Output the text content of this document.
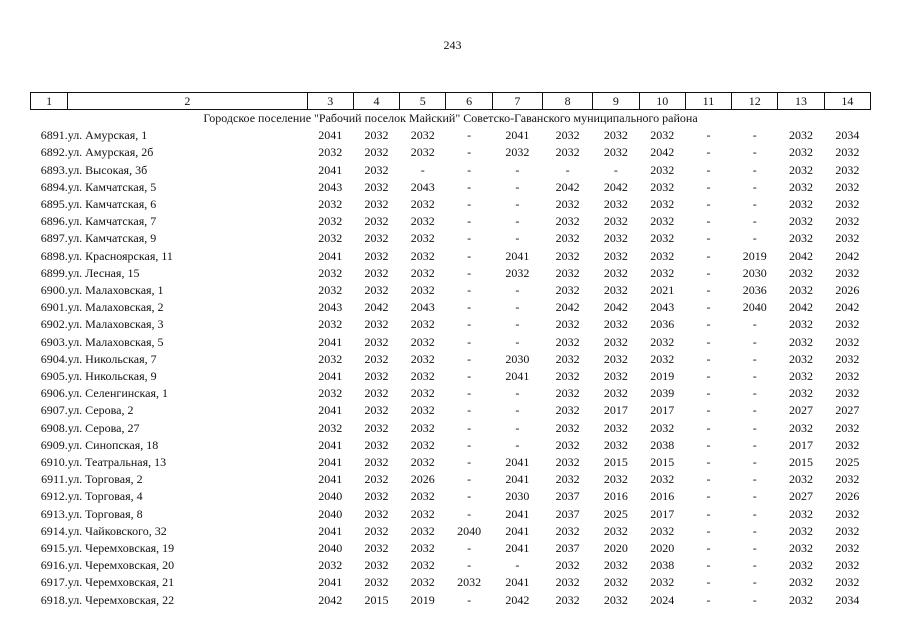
243
1	2	3	4	5	6	7	8	9	10	11	12	13	14
Городское поселение "Рабочий поселок Майский" Советско-Гаванского муниципального района													
6891.	ул. Амурская, 1	2041	2032	2032	-	2041	2032	2032	2032	-	-	2032	2034
6892.	ул. Амурская, 2б	2032	2032	2032	-	2032	2032	2032	2042	-	-	2032	2032
6893.	ул. Высокая, 3б	2041	2032	-	-	-	-	-	2032	-	-	2032	2032
6894.	ул. Камчатская, 5	2043	2032	2043	-	-	2042	2042	2032	-	-	2032	2032
6895.	ул. Камчатская, 6	2032	2032	2032	-	-	2032	2032	2032	-	-	2032	2032
6896.	ул. Камчатская, 7	2032	2032	2032	-	-	2032	2032	2032	-	-	2032	2032
6897.	ул. Камчатская, 9	2032	2032	2032	-	-	2032	2032	2032	-	-	2032	2032
6898.	ул. Красноярская, 11	2041	2032	2032	-	2041	2032	2032	2032	-	2019	2042	2042
6899.	ул. Лесная, 15	2032	2032	2032	-	2032	2032	2032	2032	-	2030	2032	2032
6900.	ул. Малаховская, 1	2032	2032	2032	-	-	2032	2032	2021	-	2036	2032	2026
6901.	ул. Малаховская, 2	2043	2042	2043	-	-	2042	2042	2043	-	2040	2042	2042
6902.	ул. Малаховская, 3	2032	2032	2032	-	-	2032	2032	2036	-	-	2032	2032
6903.	ул. Малаховская, 5	2041	2032	2032	-	-	2032	2032	2032	-	-	2032	2032
6904.	ул. Никольская, 7	2032	2032	2032	-	2030	2032	2032	2032	-	-	2032	2032
6905.	ул. Никольская, 9	2041	2032	2032	-	2041	2032	2032	2019	-	-	2032	2032
6906.	ул. Селенгинская, 1	2032	2032	2032	-	-	2032	2032	2039	-	-	2032	2032
6907.	ул. Серова, 2	2041	2032	2032	-	-	2032	2017	2017	-	-	2027	2027
6908.	ул. Серова, 27	2032	2032	2032	-	-	2032	2032	2032	-	-	2032	2032
6909.	ул. Синопская, 18	2041	2032	2032	-	-	2032	2032	2038	-	-	2017	2032
6910.	ул. Театральная, 13	2041	2032	2032	-	2041	2032	2015	2015	-	-	2015	2025
6911.	ул. Торговая, 2	2041	2032	2026	-	2041	2032	2032	2032	-	-	2032	2032
6912.	ул. Торговая, 4	2040	2032	2032	-	2030	2037	2016	2016	-	-	2027	2026
6913.	ул. Торговая, 8	2040	2032	2032	-	2041	2037	2025	2017	-	-	2032	2032
6914.	ул. Чайковского, 32	2041	2032	2032	2040	2041	2032	2032	2032	-	-	2032	2032
6915.	ул. Черемховская, 19	2040	2032	2032	-	2041	2037	2020	2020	-	-	2032	2032
6916.	ул. Черемховская, 20	2032	2032	2032	-	-	2032	2032	2038	-	-	2032	2032
6917.	ул. Черемховская, 21	2041	2032	2032	2032	2041	2032	2032	2032	-	-	2032	2032
6918.	ул. Черемховская, 22	2042	2015	2019	-	2042	2032	2032	2024	-	-	2032	2034
